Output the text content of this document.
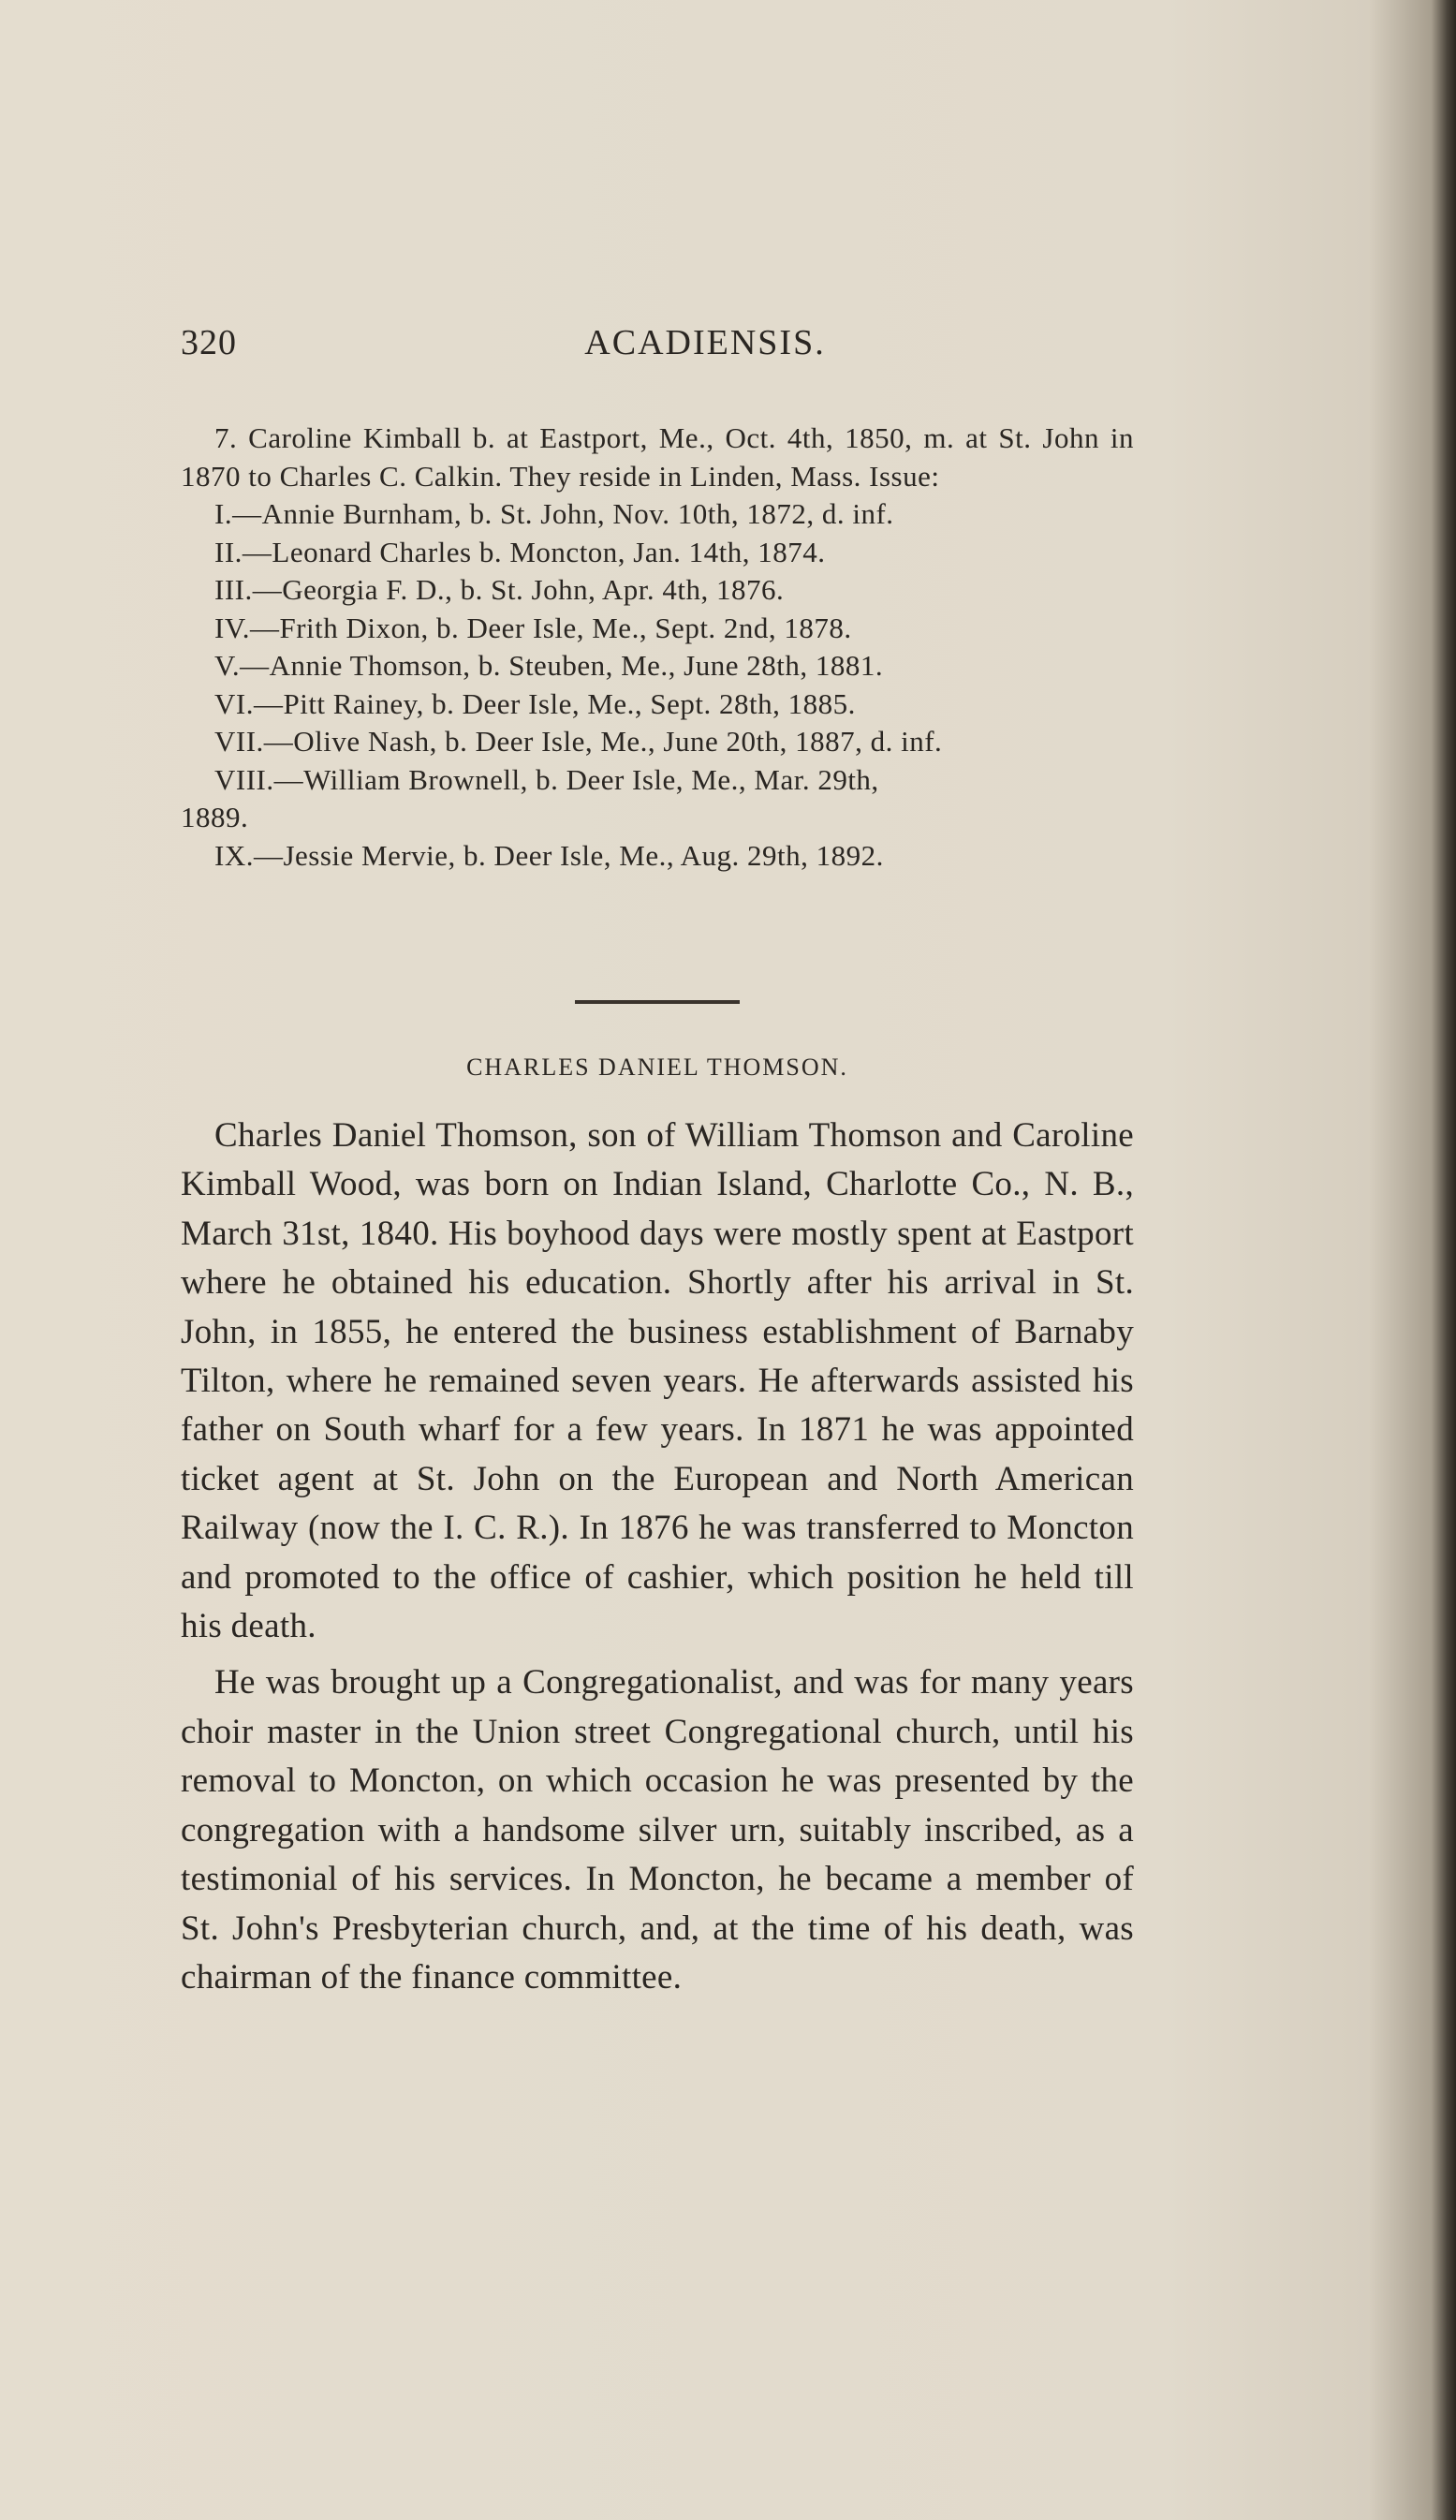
320	ACADIENSIS.

7. Caroline Kimball b. at Eastport, Me., Oct. 4th, 1850, m. at St. John in 1870 to Charles C. Calkin. They reside in Linden, Mass. Issue:

I.—Annie Burnham, b. St. John, Nov. 10th, 1872, d. inf.
II.—Leonard Charles b. Moncton, Jan. 14th, 1874.
III.—Georgia F. D., b. St. John, Apr. 4th, 1876.
IV.—Frith Dixon, b. Deer Isle, Me., Sept. 2nd, 1878.
V.—Annie Thomson, b. Steuben, Me., June 28th, 1881.
VI.—Pitt Rainey, b. Deer Isle, Me., Sept. 28th, 1885.
VII.—Olive Nash, b. Deer Isle, Me., June 20th, 1887, d. inf.
VIII.—William Brownell, b. Deer Isle, Me., Mar. 29th,
1889.
IX.—Jessie Mervie, b. Deer Isle, Me., Aug. 29th, 1892.
CHARLES DANIEL THOMSON.

Charles Daniel Thomson, son of William Thomson and Caroline Kimball Wood, was born on Indian Island, Charlotte Co., N. B., March 31st, 1840. His boyhood days were mostly spent at Eastport where he obtained his education. Shortly after his arrival in St. John, in 1855, he entered the business establishment of Barnaby Tilton, where he remained seven years. He afterwards assisted his father on South wharf for a few years. In 1871 he was appointed ticket agent at St. John on the European and North American Railway (now the I. C. R.). In 1876 he was transferred to Moncton and promoted to the office of cashier, which position he held till his death.

He was brought up a Congregationalist, and was for many years choir master in the Union street Congregational church, until his removal to Moncton, on which occasion he was presented by the congregation with a handsome silver urn, suitably inscribed, as a testimonial of his services. In Moncton, he became a member of St. John's Presbyterian church, and, at the time of his death, was chairman of the finance committee.
